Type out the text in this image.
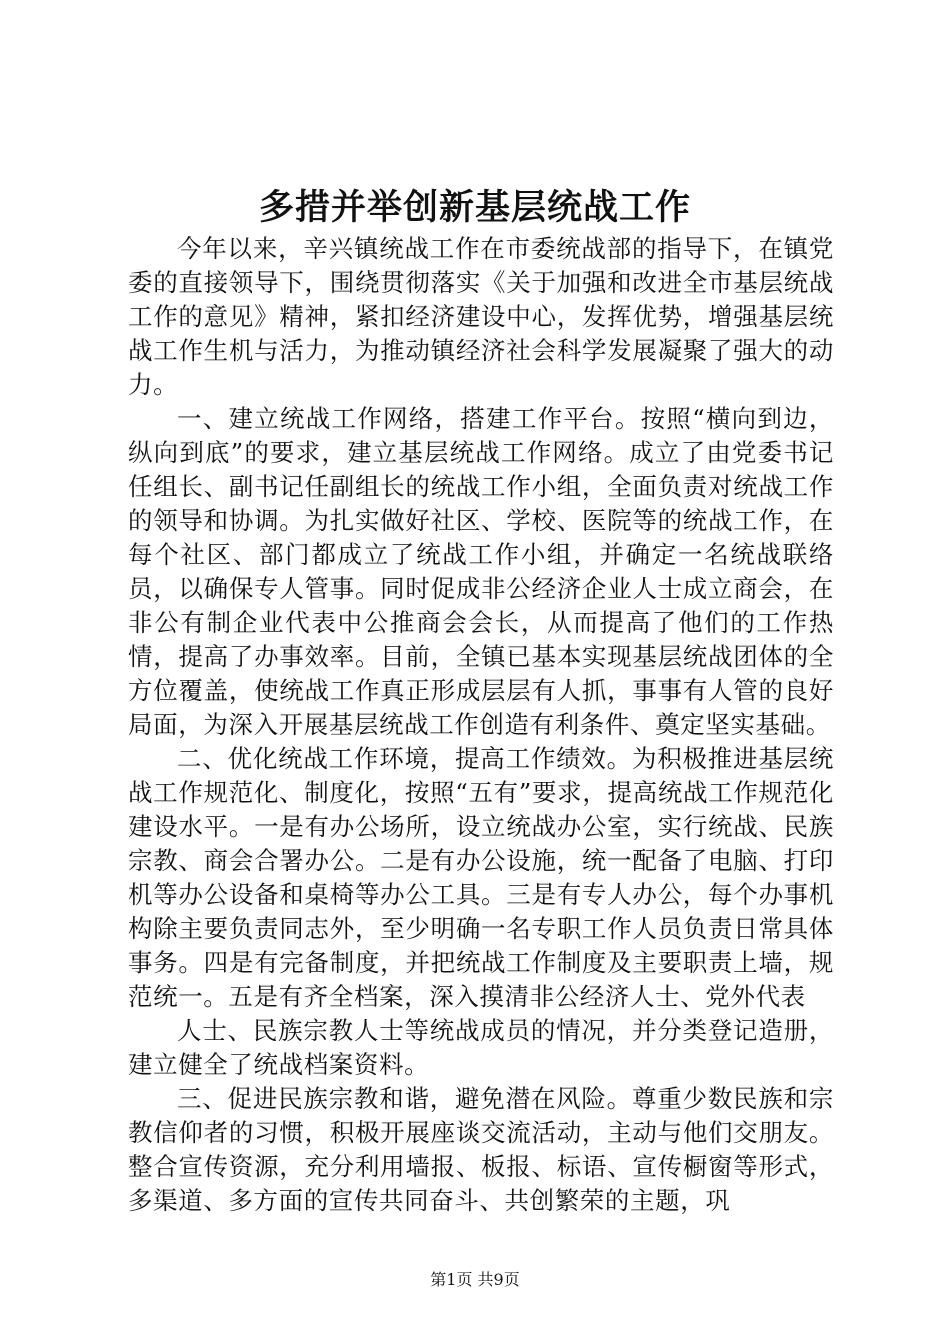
多措并举创新基层统战工作

今年以来，辛兴镇统战工作在市委统战部的指导下，在镇党委的直接领导下，围绕贯彻落实《关于加强和改进全市基层统战工作的意见》精神，紧扣经济建设中心，发挥优势，增强基层统战工作生机与活力，为推动镇经济社会科学发展凝聚了强大的动力。

一、建立统战工作网络，搭建工作平台。按照“横向到边，纵向到底”的要求，建立基层统战工作网络。成立了由党委书记任组长、副书记任副组长的统战工作小组，全面负责对统战工作的领导和协调。为扎实做好社区、学校、医院等的统战工作，在每个社区、部门都成立了统战工作小组，并确定一名统战联络员，以确保专人管事。同时促成非公经济企业人士成立商会，在非公有制企业代表中公推商会会长，从而提高了他们的工作热情，提高了办事效率。目前，全镇已基本实现基层统战团体的全方位覆盖，使统战工作真正形成层层有人抓，事事有人管的良好局面，为深入开展基层统战工作创造有利条件、奠定坚实基础。

二、优化统战工作环境，提高工作绩效。为积极推进基层统战工作规范化、制度化，按照“五有”要求，提高统战工作规范化建设水平。一是有办公场所，设立统战办公室，实行统战、民族宗教、商会合署办公。二是有办公设施，统一配备了电脑、打印机等办公设备和桌椅等办公工具。三是有专人办公，每个办事机构除主要负责同志外，至少明确一名专职工作人员负责日常具体事务。四是有完备制度，并把统战工作制度及主要职责上墙，规范统一。五是有齐全档案，深入摸清非公经济人士、党外代表

人士、民族宗教人士等统战成员的情况，并分类登记造册，建立健全了统战档案资料。

三、促进民族宗教和谐，避免潜在风险。尊重少数民族和宗教信仰者的习惯，积极开展座谈交流活动，主动与他们交朋友。整合宣传资源，充分利用墙报、板报、标语、宣传橱窗等形式，多渠道、多方面的宣传共同奋斗、共创繁荣的主题，巩

第1页 共9页
